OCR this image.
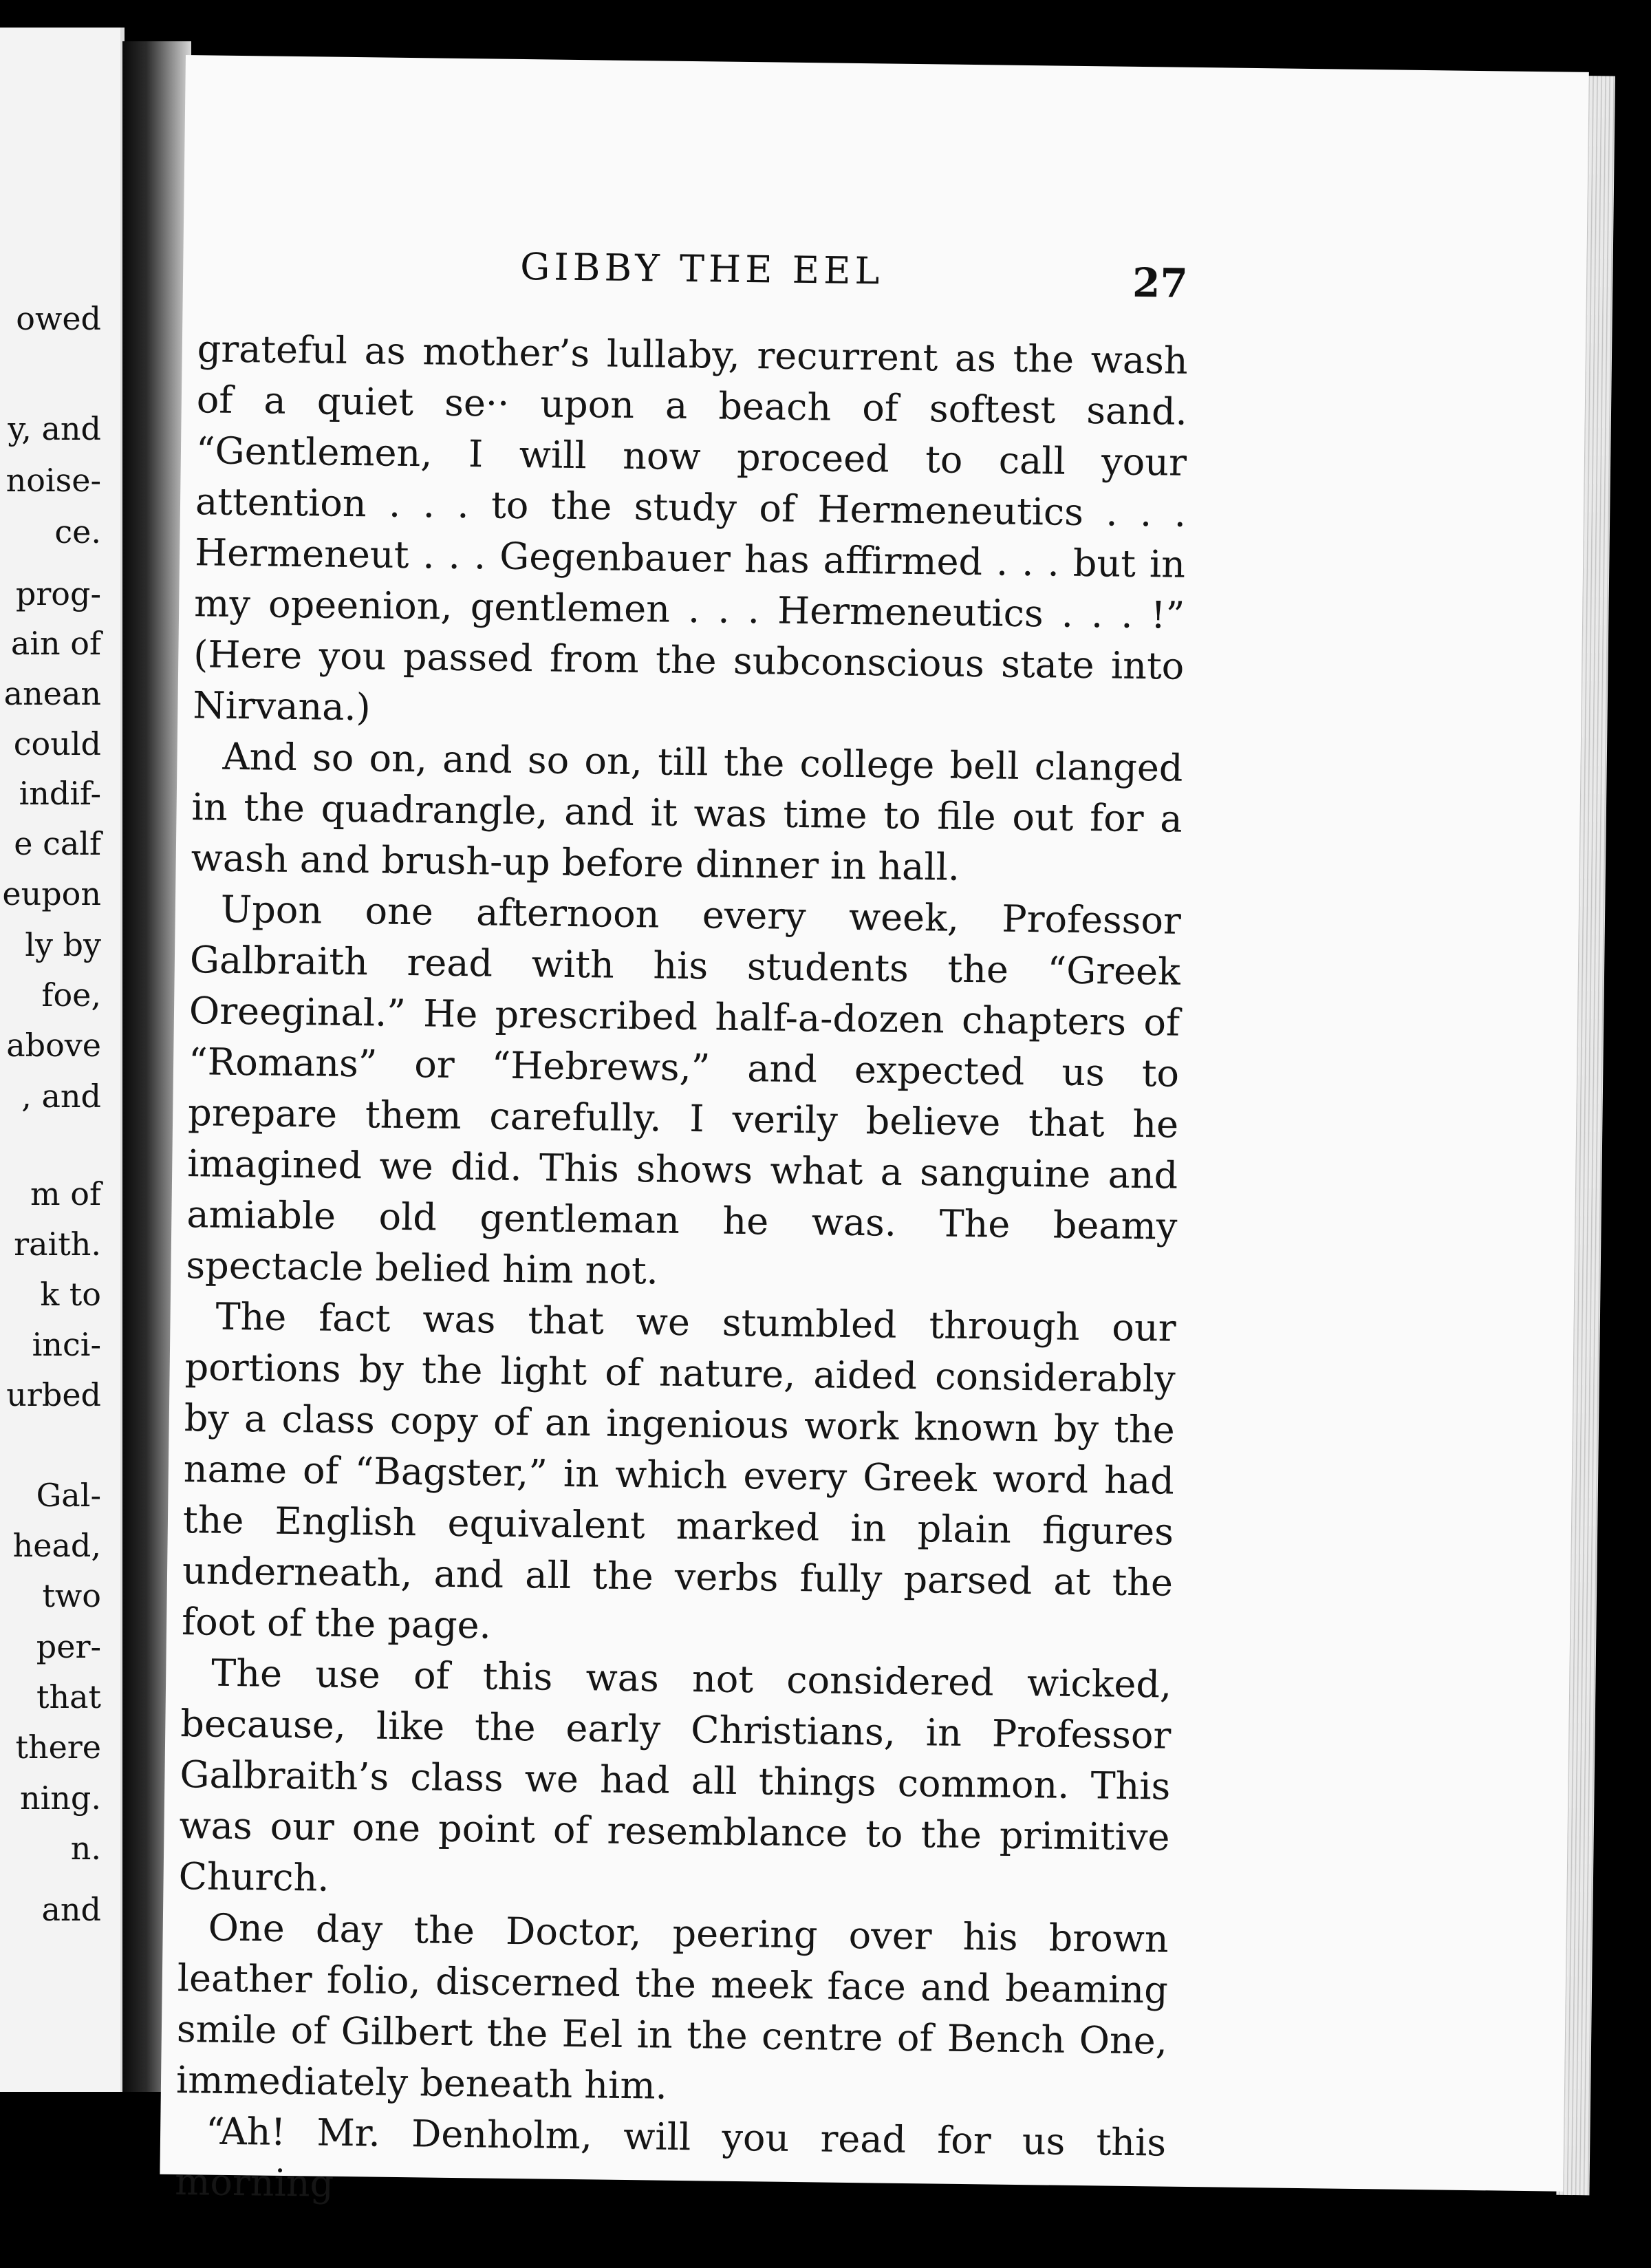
owed
y, and
noise-
ce.
prog-
ain of
anean
could
indif-
e calf
eupon
ly by
foe,
above
, and
m of
raith.
k to
inci-
urbed
Gal-
head,
two
per-
that
there
ning.
n.
and
GIBBY THE EEL	27

grateful as mother’s lullaby, recurrent as the wash of a quiet se·· upon a beach of softest sand. “Gentlemen, I will now proceed to call your attention . . . to the study of Hermeneutics . . . Hermeneut . . . Gegenbauer has affirmed . . . but in my opeenion, gentlemen . . . Hermeneutics . . . !” (Here you passed from the subconscious state into Nirvana.)

And so on, and so on, till the college bell clanged in the quadrangle, and it was time to file out for a wash and brush-up before dinner in hall.

Upon one afternoon every week, Professor Galbraith read with his students the “Greek Oreeginal.” He prescribed half-a-dozen chapters of “Romans” or “Hebrews,” and expected us to prepare them carefully. I verily believe that he imagined we did. This shows what a sanguine and amiable old gentleman he was. The beamy spectacle belied him not.

The fact was that we stumbled through our portions by the light of nature, aided considerably by a class copy of an ingenious work known by the name of “Bagster,” in which every Greek word had the English equivalent marked in plain figures underneath, and all the verbs fully parsed at the foot of the page.

The use of this was not considered wicked, because, like the early Christians, in Professor Galbraith’s class we had all things common. This was our one point of resemblance to the primitive Church.

One day the Doctor, peering over his brown leather folio, discerned the meek face and beaming smile of Gilbert the Eel in the centre of Bench One, immediately beneath him.

“Ah! Mr. Denholm, will you read for us this morning
